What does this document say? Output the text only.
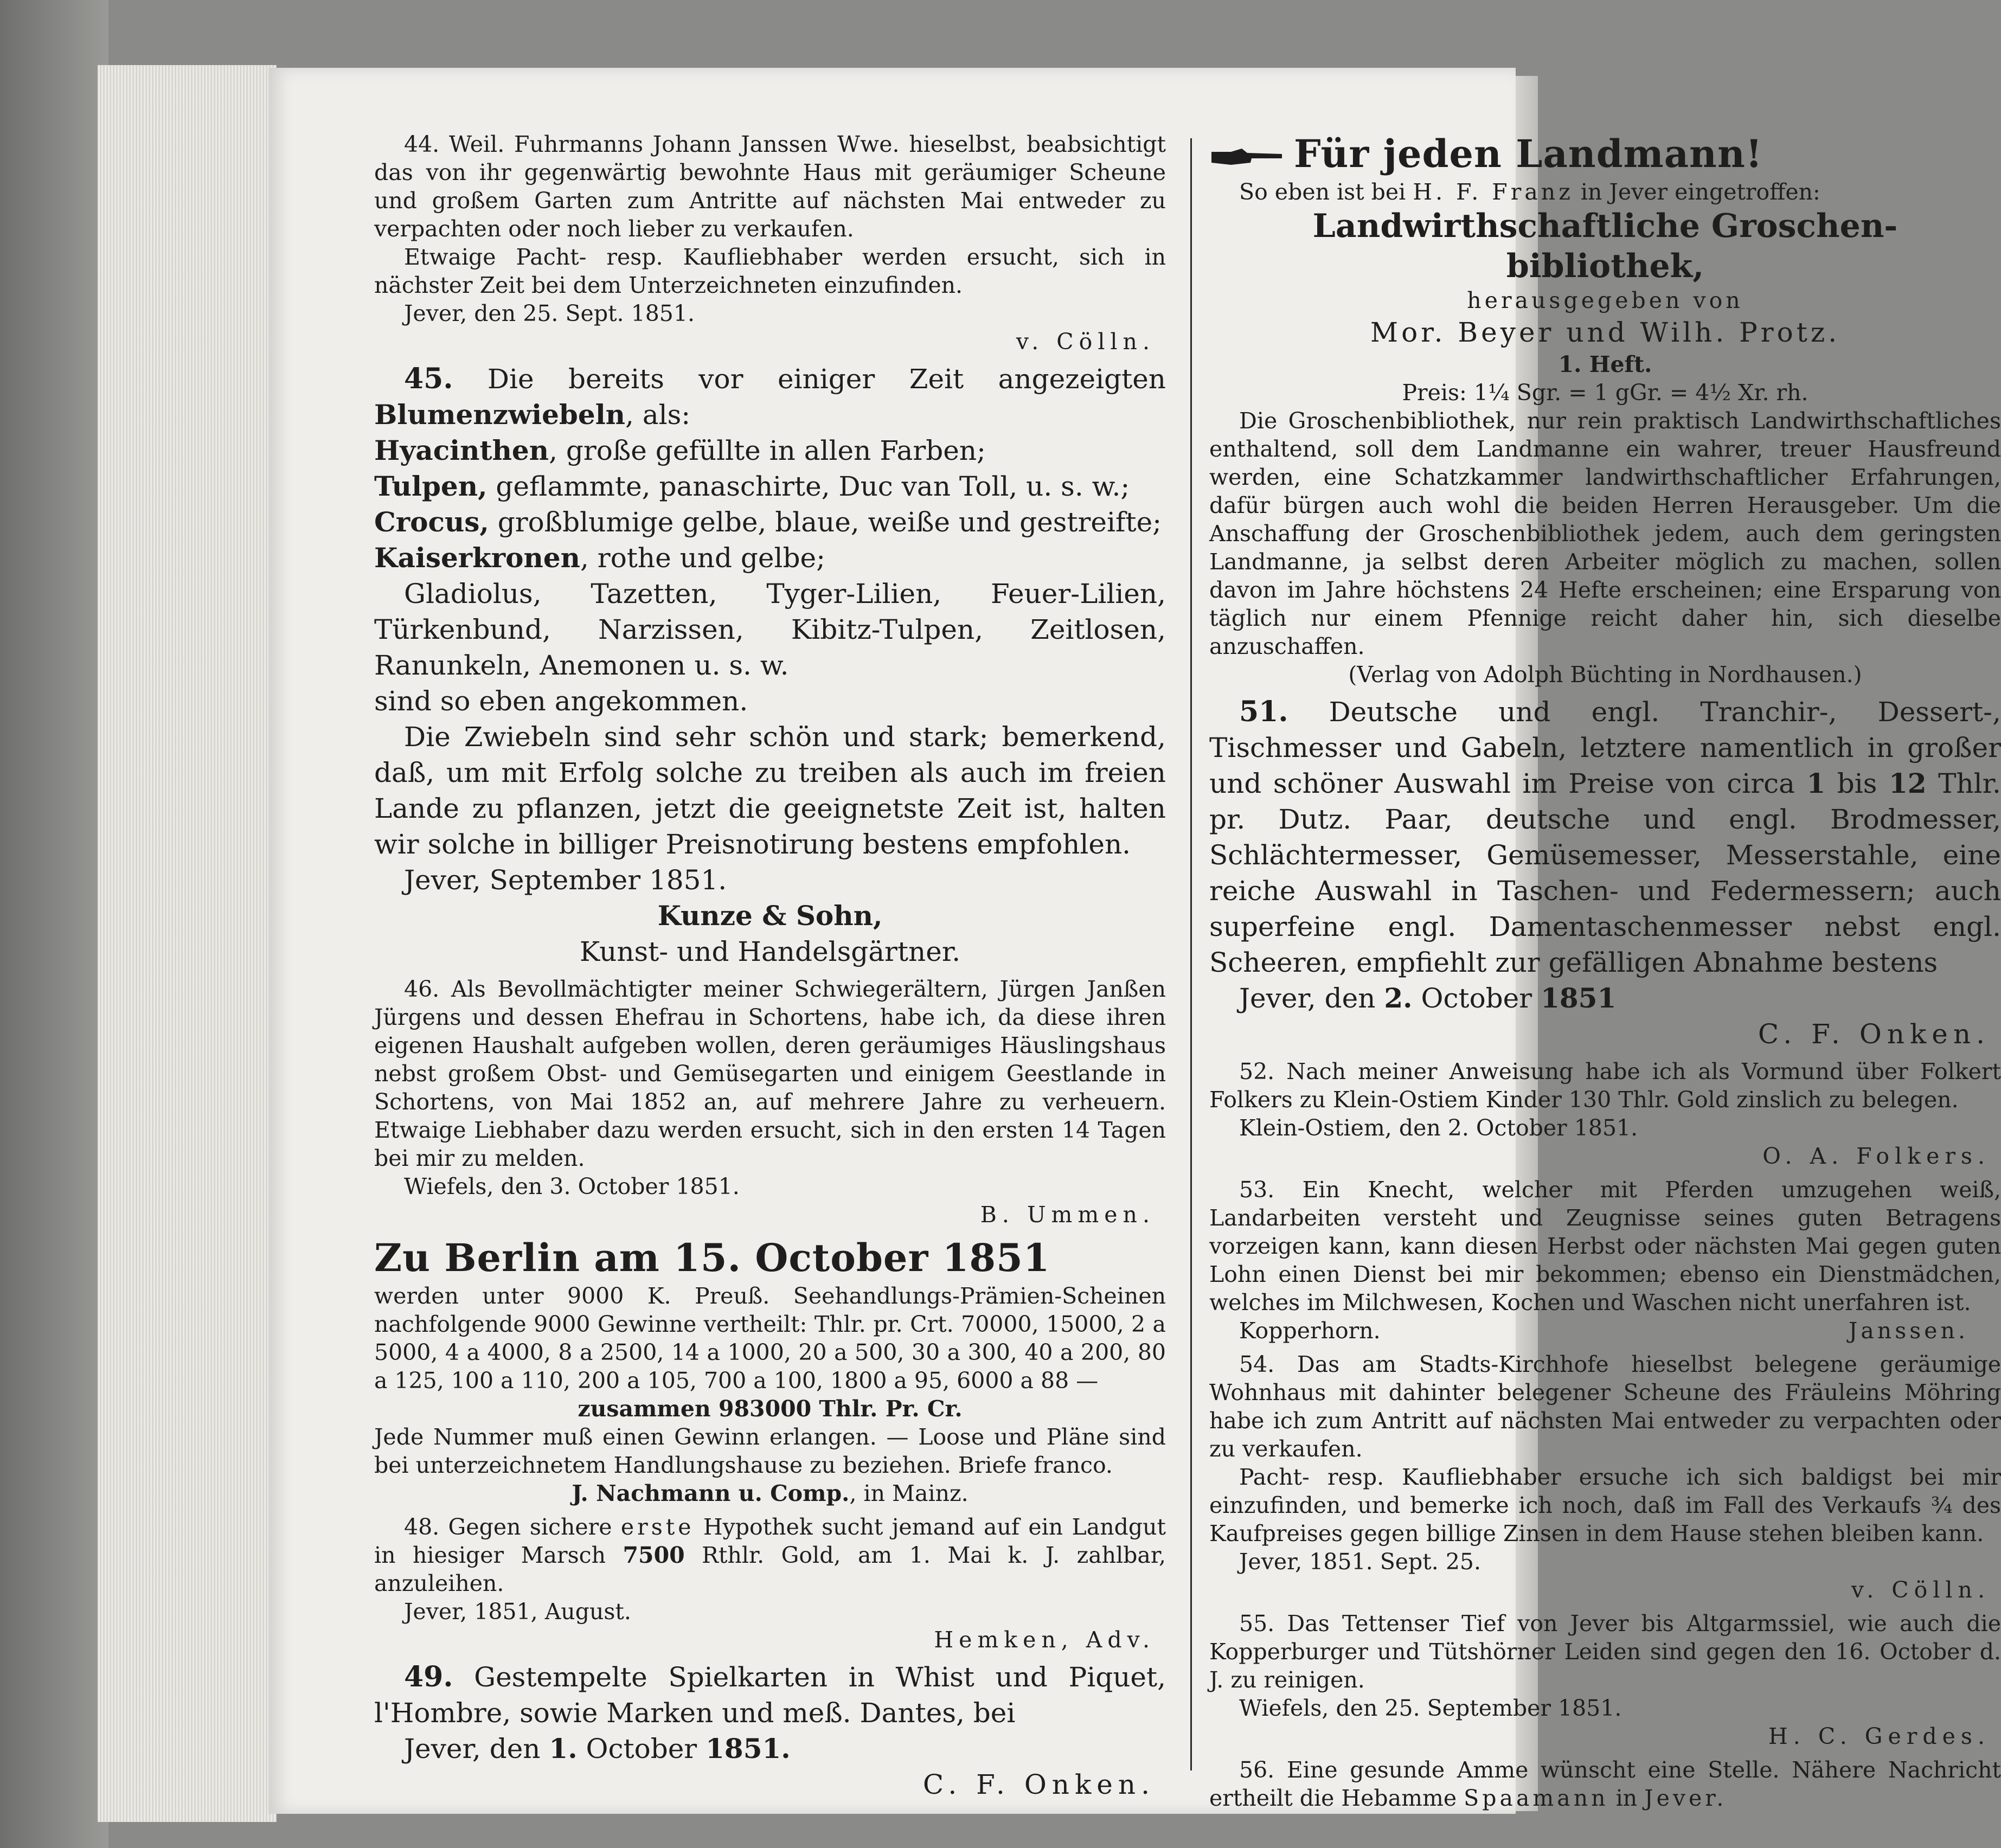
44. Weil. Fuhrmanns Johann Janssen Wwe. hieselbst, beabsichtigt das von ihr gegenwärtig bewohnte Haus mit geräumiger Scheune und großem Garten zum Antritte auf nächsten Mai entweder zu verpachten oder noch lieber zu verkaufen.

Etwaige Pacht- resp. Kaufliebhaber werden ersucht, sich in nächster Zeit bei dem Unterzeichneten einzufinden.

Jever, den 25. Sept. 1851.

v. Cölln.

45. Die bereits vor einiger Zeit angezeigten Blumenzwiebeln, als:

Hyacinthen, große gefüllte in allen Farben;
Tulpen, geflammte, panaschirte, Duc van Toll, u. s. w.;
Crocus, großblumige gelbe, blaue, weiße und gestreifte;
Kaiserkronen, rothe und gelbe;

Gladiolus, Tazetten, Tyger-Lilien, Feuer-Lilien, Türkenbund, Narzissen, Kibitz-Tulpen, Zeitlosen, Ranunkeln, Anemonen u. s. w.

sind so eben angekommen.

Die Zwiebeln sind sehr schön und stark; bemerkend, daß, um mit Erfolg solche zu treiben als auch im freien Lande zu pflanzen, jetzt die geeignetste Zeit ist, halten wir solche in billiger Preisnotirung bestens empfohlen.

Jever, September 1851.

Kunze & Sohn,
Kunst- und Handelsgärtner.

46. Als Bevollmächtigter meiner Schwiegerältern, Jürgen Janßen Jürgens und dessen Ehefrau in Schortens, habe ich, da diese ihren eigenen Haushalt aufgeben wollen, deren geräumiges Häuslingshaus nebst großem Obst- und Gemüsegarten und einigem Geestlande in Schortens, von Mai 1852 an, auf mehrere Jahre zu verheuern. Etwaige Liebhaber dazu werden ersucht, sich in den ersten 14 Tagen bei mir zu melden.

Wiefels, den 3. October 1851.

B. Ummen.
Zu Berlin am 15. October 1851
werden unter 9000 K. Preuß. Seehandlungs-Prämien-Scheinen nachfolgende 9000 Gewinne vertheilt: Thlr. pr. Crt. 70000, 15000, 2 a 5000, 4 a 4000, 8 a 2500, 14 a 1000, 20 a 500, 30 a 300, 40 a 200, 80 a 125, 100 a 110, 200 a 105, 700 a 100, 1800 a 95, 6000 a 88 —
zusammen 983000 Thlr. Pr. Cr.
Jede Nummer muß einen Gewinn erlangen. — Loose und Pläne sind bei unterzeichnetem Handlungshause zu beziehen. Briefe franco.
J. Nachmann u. Comp., in Mainz.

48. Gegen sichere erste Hypothek sucht jemand auf ein Landgut in hiesiger Marsch 7500 Rthlr. Gold, am 1. Mai k. J. zahlbar, anzuleihen.

Jever, 1851, August.

Hemken, Adv.

49. Gestempelte Spielkarten in Whist und Piquet, l'Hombre, sowie Marken und meß. Dantes, bei

Jever, den 1. October 1851.

C. F. Onken.
Für jeden Landmann!

So eben ist bei H. F. Franz in Jever eingetroffen:

Landwirthschaftliche Groschen-
bibliothek,
herausgegeben von
Mor. Beyer und Wilh. Protz.
1. Heft.
Preis: 1¼ Sgr. = 1 gGr. = 4½ Xr. rh.

Die Groschenbibliothek, nur rein praktisch Landwirthschaftliches enthaltend, soll dem Landmanne ein wahrer, treuer Hausfreund werden, eine Schatzkammer landwirthschaftlicher Erfahrungen, dafür bürgen auch wohl die beiden Herren Herausgeber. Um die Anschaffung der Groschenbibliothek jedem, auch dem geringsten Landmanne, ja selbst deren Arbeiter möglich zu machen, sollen davon im Jahre höchstens 24 Hefte erscheinen; eine Ersparung von täglich nur einem Pfennige reicht daher hin, sich dieselbe anzuschaffen.

(Verlag von Adolph Büchting in Nordhausen.)

51. Deutsche und engl. Tranchir-, Dessert-, Tischmesser und Gabeln, letztere namentlich in großer und schöner Auswahl im Preise von circa 1 bis 12 Thlr. pr. Dutz. Paar, deutsche und engl. Brodmesser, Schlächtermesser, Gemüsemesser, Messerstahle, eine reiche Auswahl in Taschen- und Federmessern; auch superfeine engl. Damentaschenmesser nebst engl. Scheeren, empfiehlt zur gefälligen Abnahme bestens

Jever, den 2. October 1851

C. F. Onken.

52. Nach meiner Anweisung habe ich als Vormund über Folkert Folkers zu Klein-Ostiem Kinder 130 Thlr. Gold zinslich zu belegen.

Klein-Ostiem, den 2. October 1851.

O. A. Folkers.

53. Ein Knecht, welcher mit Pferden umzugehen weiß, Landarbeiten versteht und Zeugnisse seines guten Betragens vorzeigen kann, kann diesen Herbst oder nächsten Mai gegen guten Lohn einen Dienst bei mir bekommen; ebenso ein Dienstmädchen, welches im Milchwesen, Kochen und Waschen nicht unerfahren ist.

Kopperhorn.	Janssen.

54. Das am Stadts-Kirchhofe hieselbst belegene geräumige Wohnhaus mit dahinter belegener Scheune des Fräuleins Möhring habe ich zum Antritt auf nächsten Mai entweder zu verpachten oder zu verkaufen.

Pacht- resp. Kaufliebhaber ersuche ich sich baldigst bei mir einzufinden, und bemerke ich noch, daß im Fall des Verkaufs ¾ des Kaufpreises gegen billige Zinsen in dem Hause stehen bleiben kann.

Jever, 1851. Sept. 25.

v. Cölln.

55. Das Tettenser Tief von Jever bis Altgarmssiel, wie auch die Kopperburger und Tütshörner Leiden sind gegen den 16. October d. J. zu reinigen.

Wiefels, den 25. September 1851.

H. C. Gerdes.

56. Eine gesunde Amme wünscht eine Stelle. Nähere Nachricht ertheilt die Hebamme Spaamann in Jever.
